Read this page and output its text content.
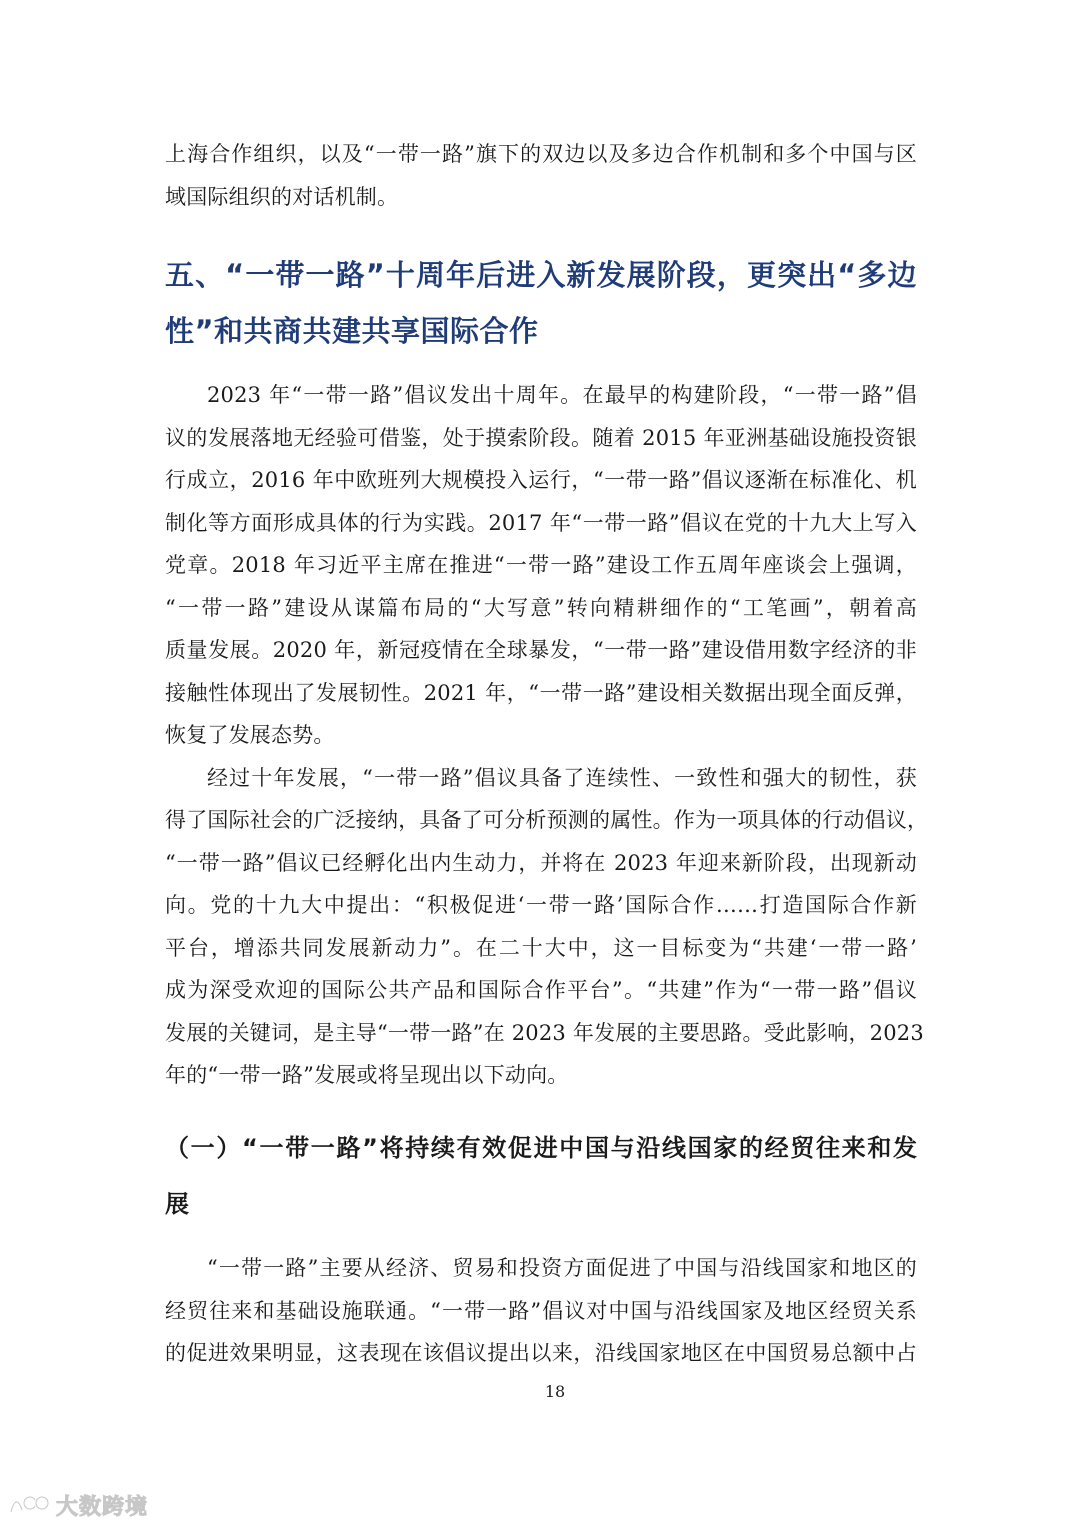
上海合作组织，以及“一带一路”旗下的双边以及多边合作机制和多个中国与区
域国际组织的对话机制。
五、“一带一路”十周年后进入新发展阶段，更突出“多边
性”和共商共建共享国际合作
2023 年“一带一路”倡议发出十周年。在最早的构建阶段，“一带一路”倡
议的发展落地无经验可借鉴，处于摸索阶段。随着 2015 年亚洲基础设施投资银
行成立，2016 年中欧班列大规模投入运行，“一带一路”倡议逐渐在标准化、机
制化等方面形成具体的行为实践。2017 年“一带一路”倡议在党的十九大上写入
党章。2018 年习近平主席在推进“一带一路”建设工作五周年座谈会上强调，
“一带一路”建设从谋篇布局的“大写意”转向精耕细作的“工笔画”，朝着高
质量发展。2020 年，新冠疫情在全球暴发，“一带一路”建设借用数字经济的非
接触性体现出了发展韧性。2021 年，“一带一路”建设相关数据出现全面反弹，
恢复了发展态势。
经过十年发展，“一带一路”倡议具备了连续性、一致性和强大的韧性，获
得了国际社会的广泛接纳，具备了可分析预测的属性。作为一项具体的行动倡议，
“一带一路”倡议已经孵化出内生动力，并将在 2023 年迎来新阶段，出现新动
向。党的十九大中提出：“积极促进‘一带一路’国际合作……打造国际合作新
平台，增添共同发展新动力”。在二十大中，这一目标变为“共建‘一带一路’
成为深受欢迎的国际公共产品和国际合作平台”。“共建”作为“一带一路”倡议
发展的关键词，是主导“一带一路”在 2023 年发展的主要思路。受此影响，2023
年的“一带一路”发展或将呈现出以下动向。
（一）“一带一路”将持续有效促进中国与沿线国家的经贸往来和发
展
“一带一路”主要从经济、贸易和投资方面促进了中国与沿线国家和地区的
经贸往来和基础设施联通。“一带一路”倡议对中国与沿线国家及地区经贸关系
的促进效果明显，这表现在该倡议提出以来，沿线国家地区在中国贸易总额中占
18
大数跨境
